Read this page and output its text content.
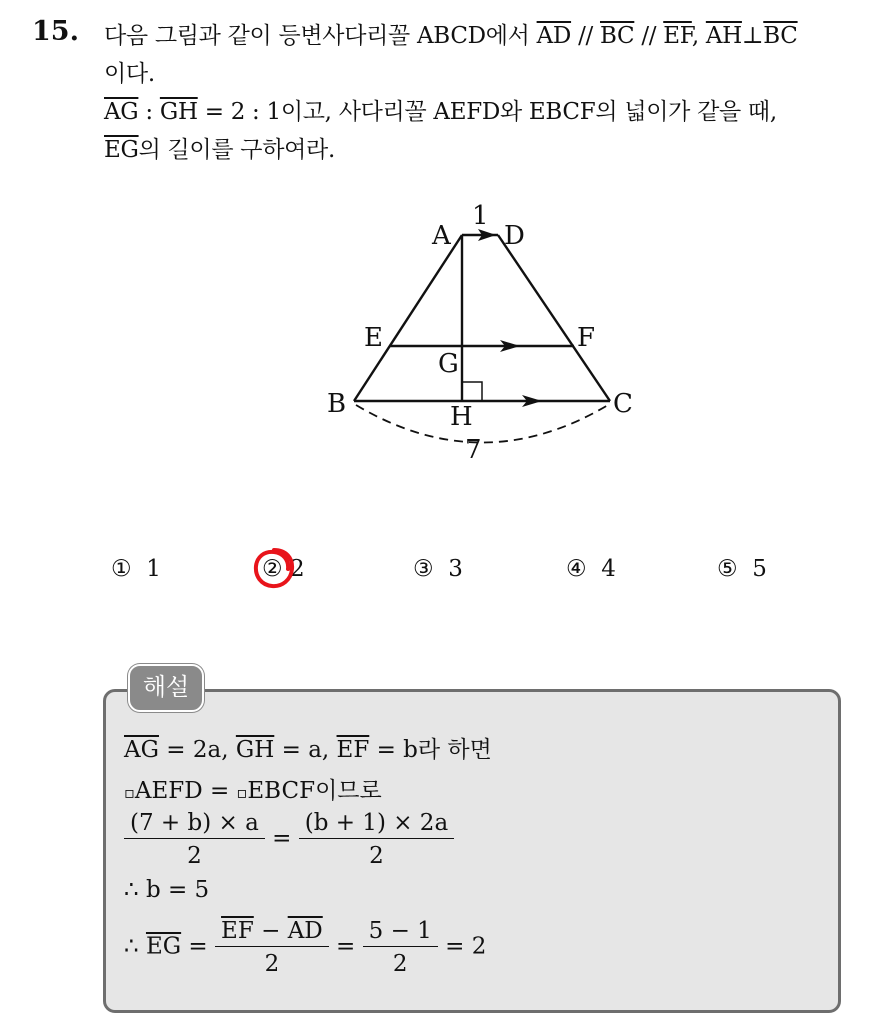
15. 다음 그림과 같이 등변사다리꼴 ABCD에서 $\overline{AD} // \overline{BC} // \overline{EF}$, $\overline{AH}\perp\overline{BC}$
이다.
$\overline{AG}$ : $\overline{GH} = 2$ : 1이고, 사다리꼴 AEFD와 EBCF의 넓이가 같을 때,
$\overline{EG}$의 길이를 구하여라.
A D
E	F
G
B	H	C
1
7
① 1	② 2	③ 3	④ 4	⑤ 5
해설
$\overline{AG} = 2a$, $\overline{GH} = a$, $\overline{EF} = b$라 하면
▫AEFD = ▫EBCF이므로
$\frac{(7 + b) \times a}{2} = \frac{(b + 1) \times 2a}{2}$
∴ b = 5
∴ $\overline{EG} = \frac{\overline{EF} - \overline{AD}}{2} = \frac{5 - 1}{2} = 2$
